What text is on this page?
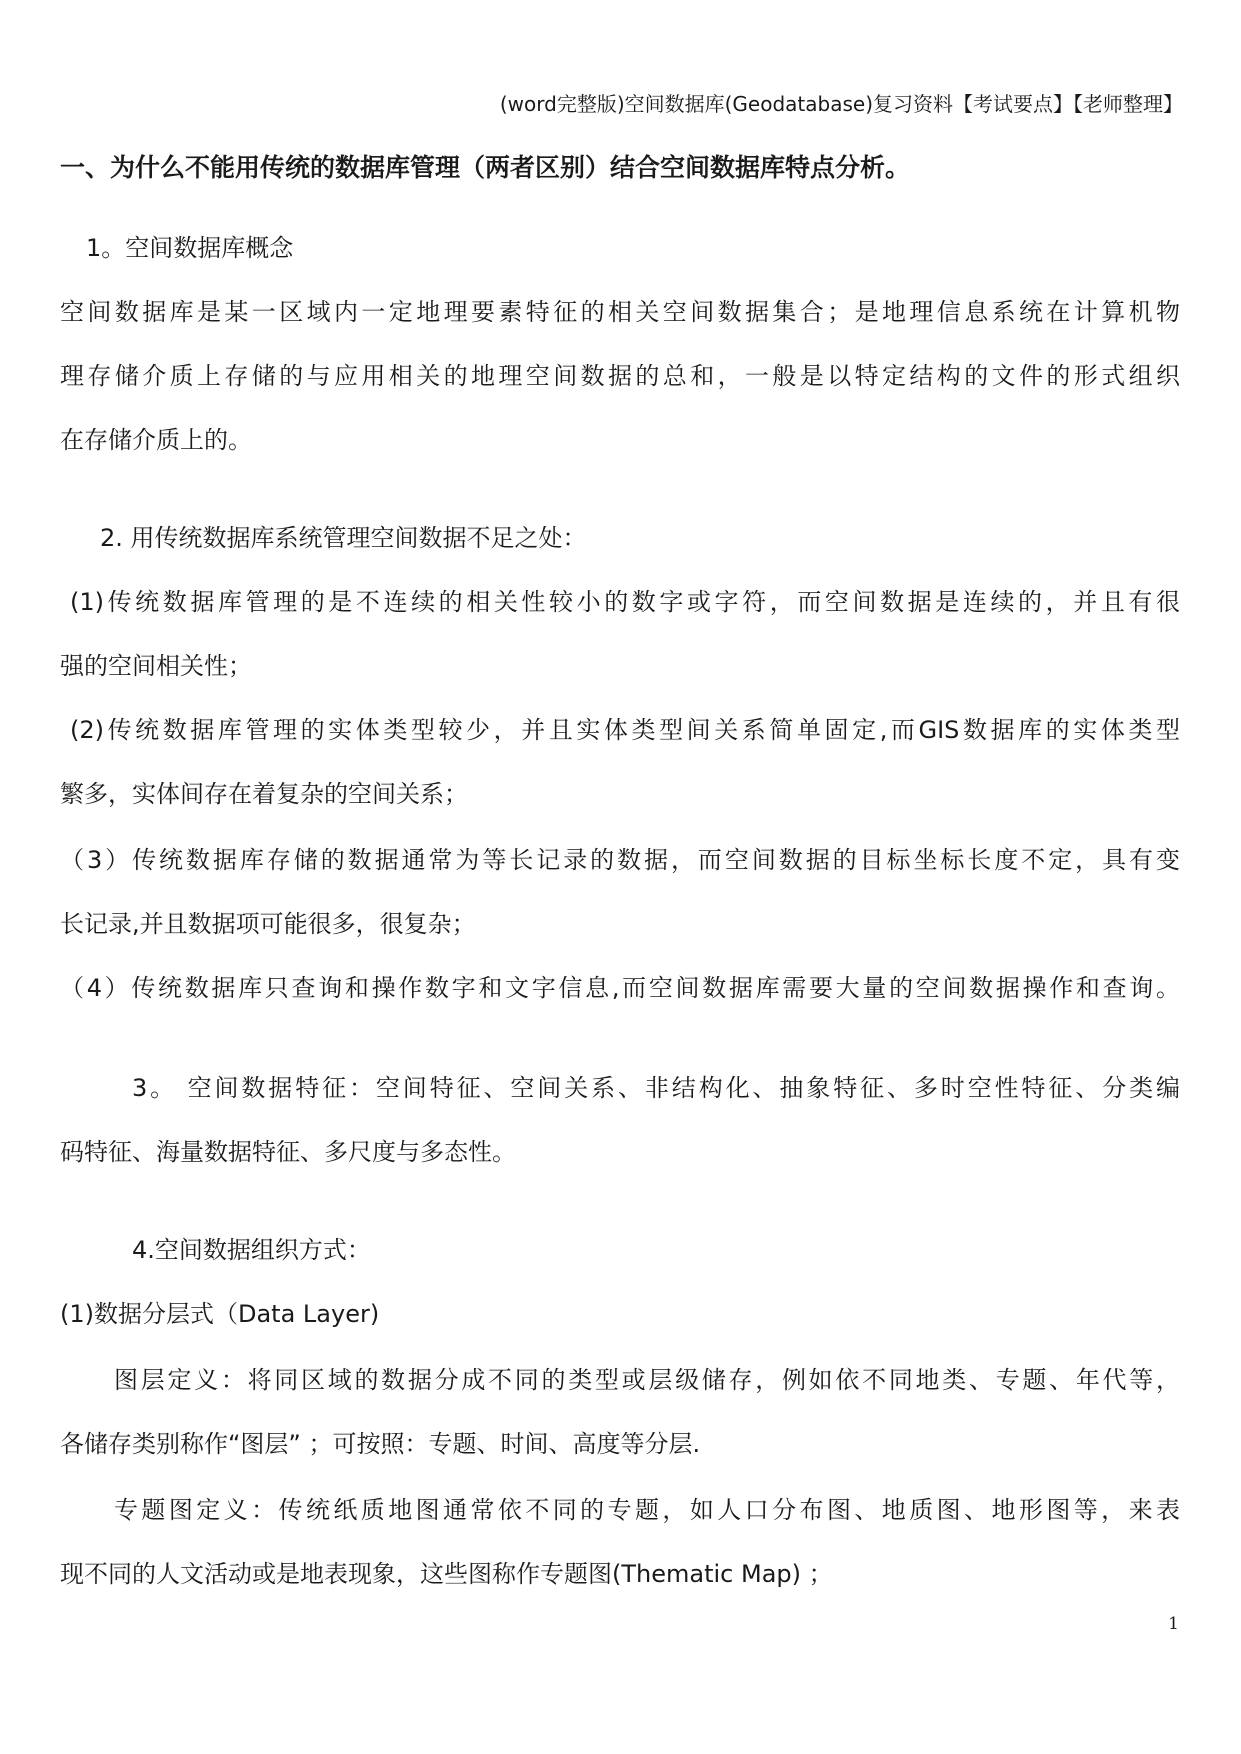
(word完整版)空间数据库(Geodatabase)复习资料【考试要点】【老师整理】
一、为什么不能用传统的数据库管理（两者区别）结合空间数据库特点分析。
1。空间数据库概念
空间数据库是某一区域内一定地理要素特征的相关空间数据集合；是地理信息系统在计算机物
理存储介质上存储的与应用相关的地理空间数据的总和，一般是以特定结构的文件的形式组织
在存储介质上的。
2. 用传统数据库系统管理空间数据不足之处：
(1)传统数据库管理的是不连续的相关性较小的数字或字符，而空间数据是连续的，并且有很
强的空间相关性；
(2)传统数据库管理的实体类型较少，并且实体类型间关系简单固定,而GIS数据库的实体类型
繁多，实体间存在着复杂的空间关系；
（3）传统数据库存储的数据通常为等长记录的数据，而空间数据的目标坐标长度不定，具有变
长记录,并且数据项可能很多，很复杂；
（4）传统数据库只查询和操作数字和文字信息,而空间数据库需要大量的空间数据操作和查询。
3。 空间数据特征：空间特征、空间关系、非结构化、抽象特征、多时空性特征、分类编
码特征、海量数据特征、多尺度与多态性。
4.空间数据组织方式：
(1)数据分层式（Data Layer)
图层定义：将同区域的数据分成不同的类型或层级储存，例如依不同地类、专题、年代等，
各储存类别称作“图层” ；可按照：专题、时间、高度等分层.
专题图定义：传统纸质地图通常依不同的专题，如人口分布图、地质图、地形图等，来表
现不同的人文活动或是地表现象，这些图称作专题图(Thematic Map) ；
1
